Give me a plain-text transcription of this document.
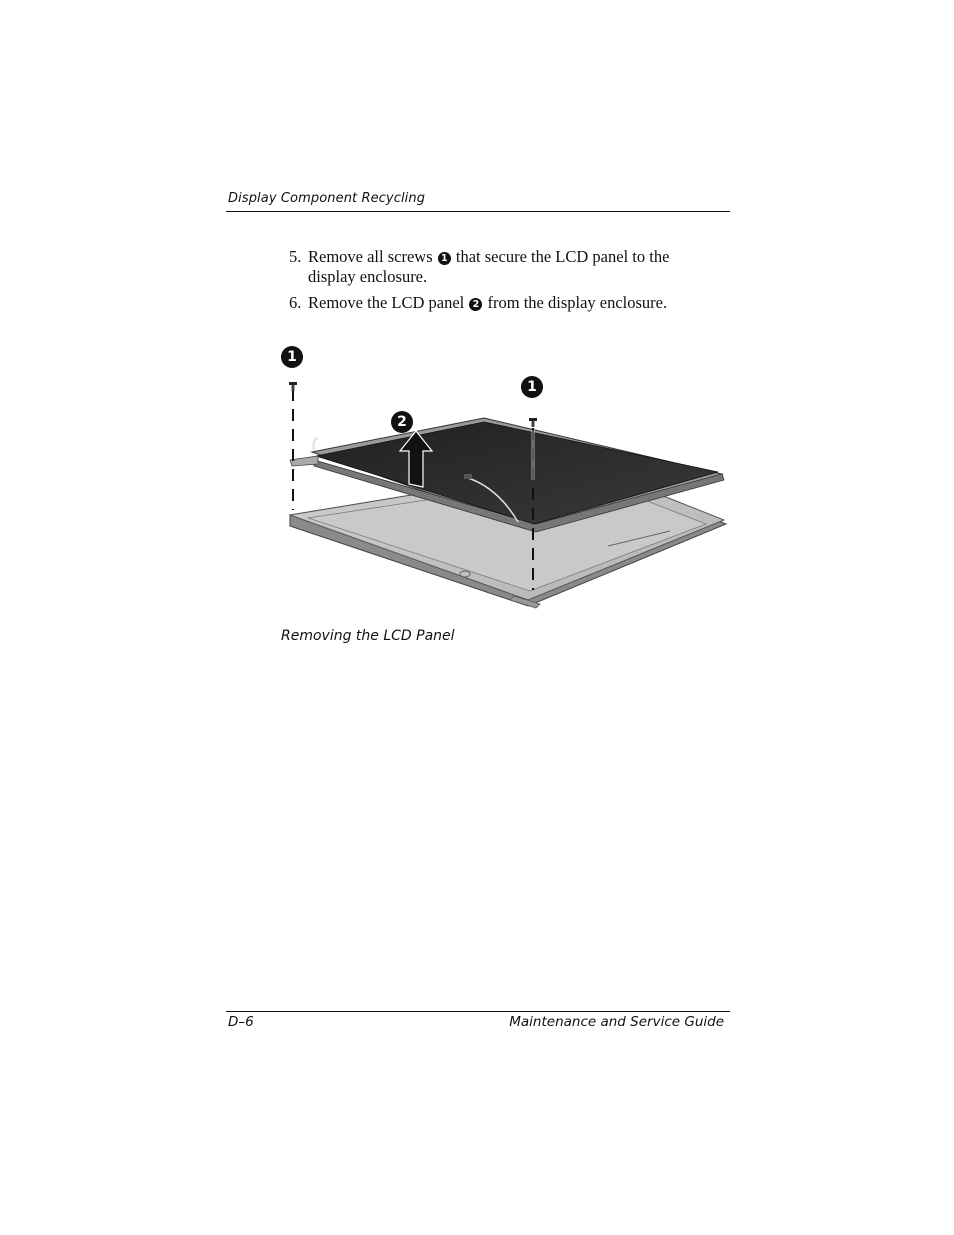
Display Component Recycling
5. Remove all screws 1 that secure the LCD panel to the display enclosure.
6. Remove the LCD panel 2 from the display enclosure.
1
1
2
Removing the LCD Panel
D–6	Maintenance and Service Guide
